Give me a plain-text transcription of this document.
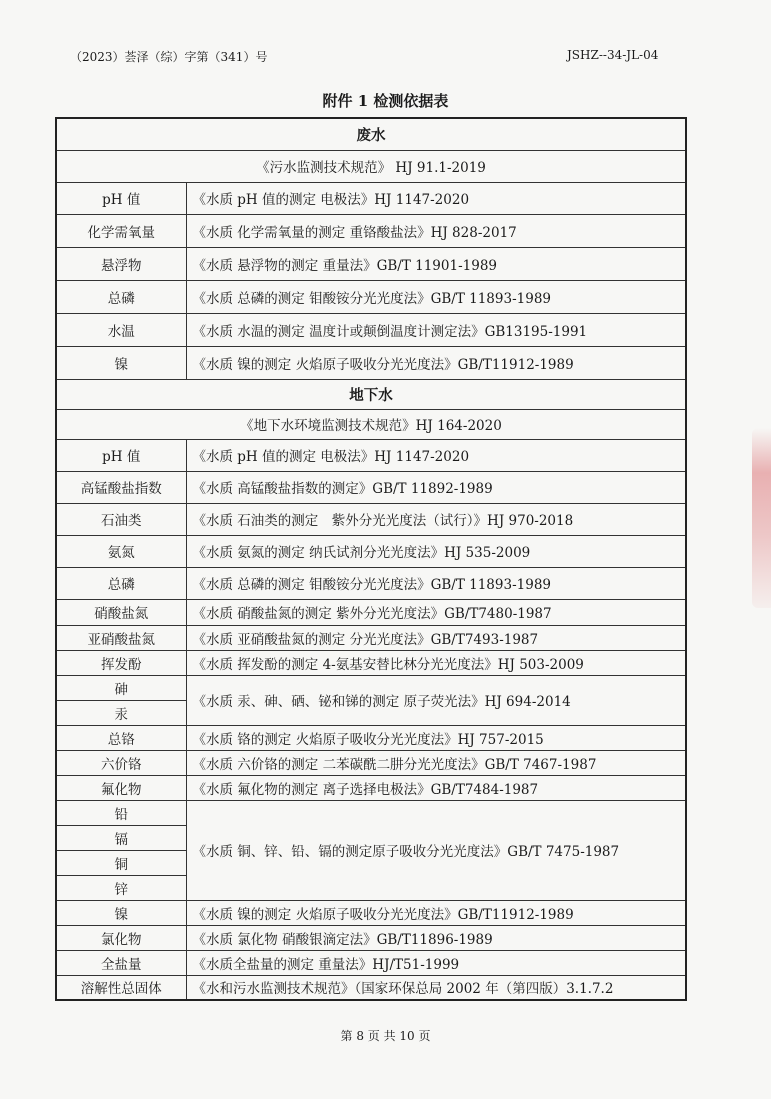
（2023）荟泽（综）字第（341）号	JSHZ--34-JL-04
附件 1 检测依据表
废水	
《污水监测技术规范》 HJ 91.1-2019	
pH 值	《水质 pH 值的测定 电极法》HJ 1147-2020
化学需氧量	《水质 化学需氧量的测定 重铬酸盐法》HJ 828-2017
悬浮物	《水质 悬浮物的测定 重量法》GB/T 11901-1989
总磷	《水质 总磷的测定 钼酸铵分光光度法》GB/T 11893-1989
水温	《水质 水温的测定 温度计或颠倒温度计测定法》GB13195-1991
镍	《水质 镍的测定 火焰原子吸收分光光度法》GB/T11912-1989
地下水	
《地下水环境监测技术规范》HJ 164-2020	
pH 值	《水质 pH 值的测定 电极法》HJ 1147-2020
高锰酸盐指数	《水质 高锰酸盐指数的测定》GB/T 11892-1989
石油类	《水质 石油类的测定　紫外分光光度法（试行）》HJ 970-2018
氨氮	《水质 氨氮的测定 纳氏试剂分光光度法》HJ 535-2009
总磷	《水质 总磷的测定 钼酸铵分光光度法》GB/T 11893-1989
硝酸盐氮	《水质 硝酸盐氮的测定 紫外分光光度法》GB/T7480-1987
亚硝酸盐氮	《水质 亚硝酸盐氮的测定 分光光度法》GB/T7493-1987
挥发酚	《水质 挥发酚的测定 4-氨基安替比林分光光度法》HJ 503-2009
砷	《水质 汞、砷、硒、铋和锑的测定 原子荧光法》HJ 694-2014
汞	
总铬	《水质 铬的测定 火焰原子吸收分光光度法》HJ 757-2015
六价铬	《水质 六价铬的测定 二苯碳酰二肼分光光度法》GB/T 7467-1987
氟化物	《水质 氟化物的测定 离子选择电极法》GB/T7484-1987
铅	《水质 铜、锌、铅、镉的测定原子吸收分光光度法》GB/T 7475-1987
镉	
铜	
锌	
镍	《水质 镍的测定 火焰原子吸收分光光度法》GB/T11912-1989
氯化物	《水质 氯化物 硝酸银滴定法》GB/T11896-1989
全盐量	《水质全盐量的测定 重量法》HJ/T51-1999
溶解性总固体	《水和污水监测技术规范》（国家环保总局 2002 年（第四版）3.1.7.2
第 8 页 共 10 页
